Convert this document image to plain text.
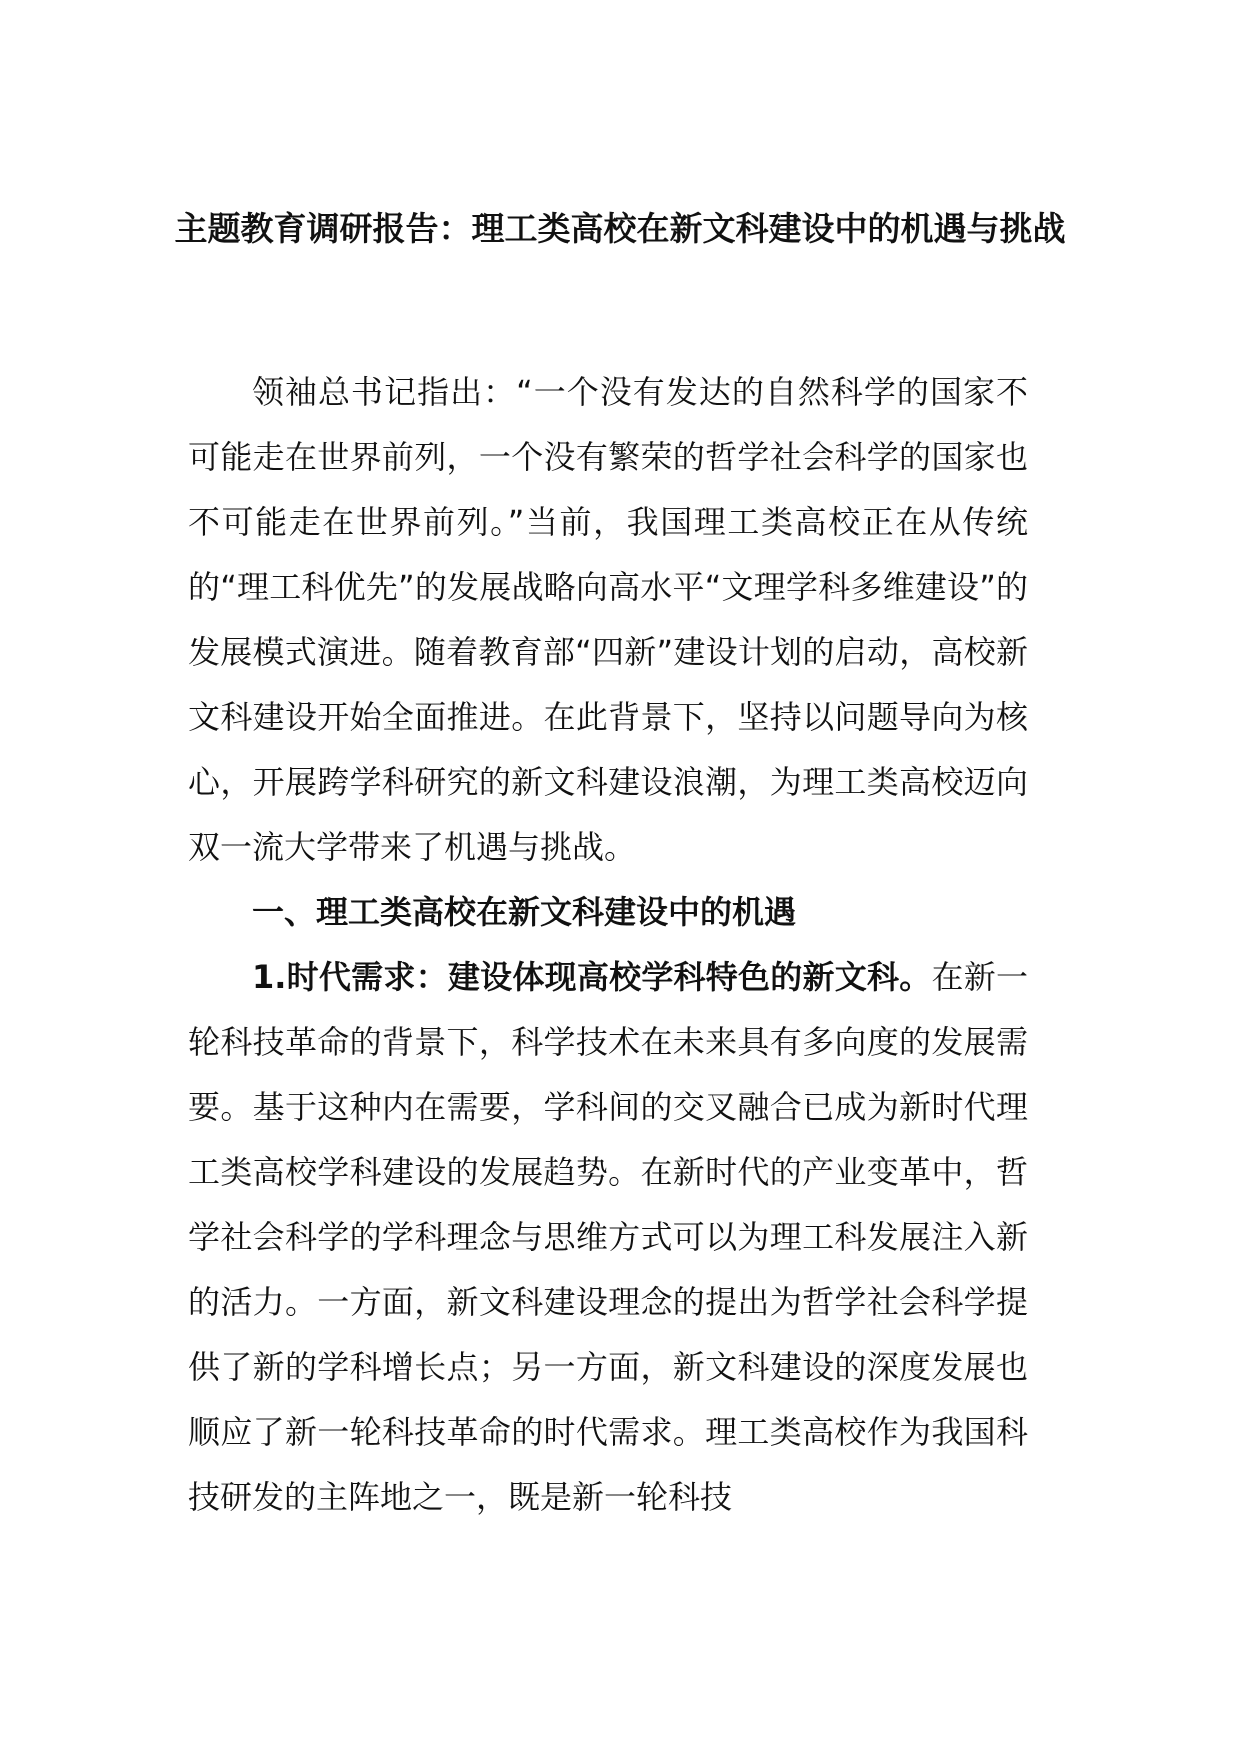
主题教育调研报告：理工类高校在新文科建设中的机遇与挑战

领袖总书记指出：“一个没有发达的自然科学的国家不可能走在世界前列，一个没有繁荣的哲学社会科学的国家也不可能走在世界前列。”当前，我国理工类高校正在从传统的“理工科优先”的发展战略向高水平“文理学科多维建设”的发展模式演进。随着教育部“四新”建设计划的启动，高校新文科建设开始全面推进。在此背景下，坚持以问题导向为核心，开展跨学科研究的新文科建设浪潮，为理工类高校迈向双一流大学带来了机遇与挑战。

一、理工类高校在新文科建设中的机遇

1.时代需求：建设体现高校学科特色的新文科。在新一轮科技革命的背景下，科学技术在未来具有多向度的发展需要。基于这种内在需要，学科间的交叉融合已成为新时代理工类高校学科建设的发展趋势。在新时代的产业变革中，哲学社会科学的学科理念与思维方式可以为理工科发展注入新的活力。一方面，新文科建设理念的提出为哲学社会科学提供了新的学科增长点；另一方面，新文科建设的深度发展也顺应了新一轮科技革命的时代需求。理工类高校作为我国科技研发的主阵地之一，既是新一轮科技
